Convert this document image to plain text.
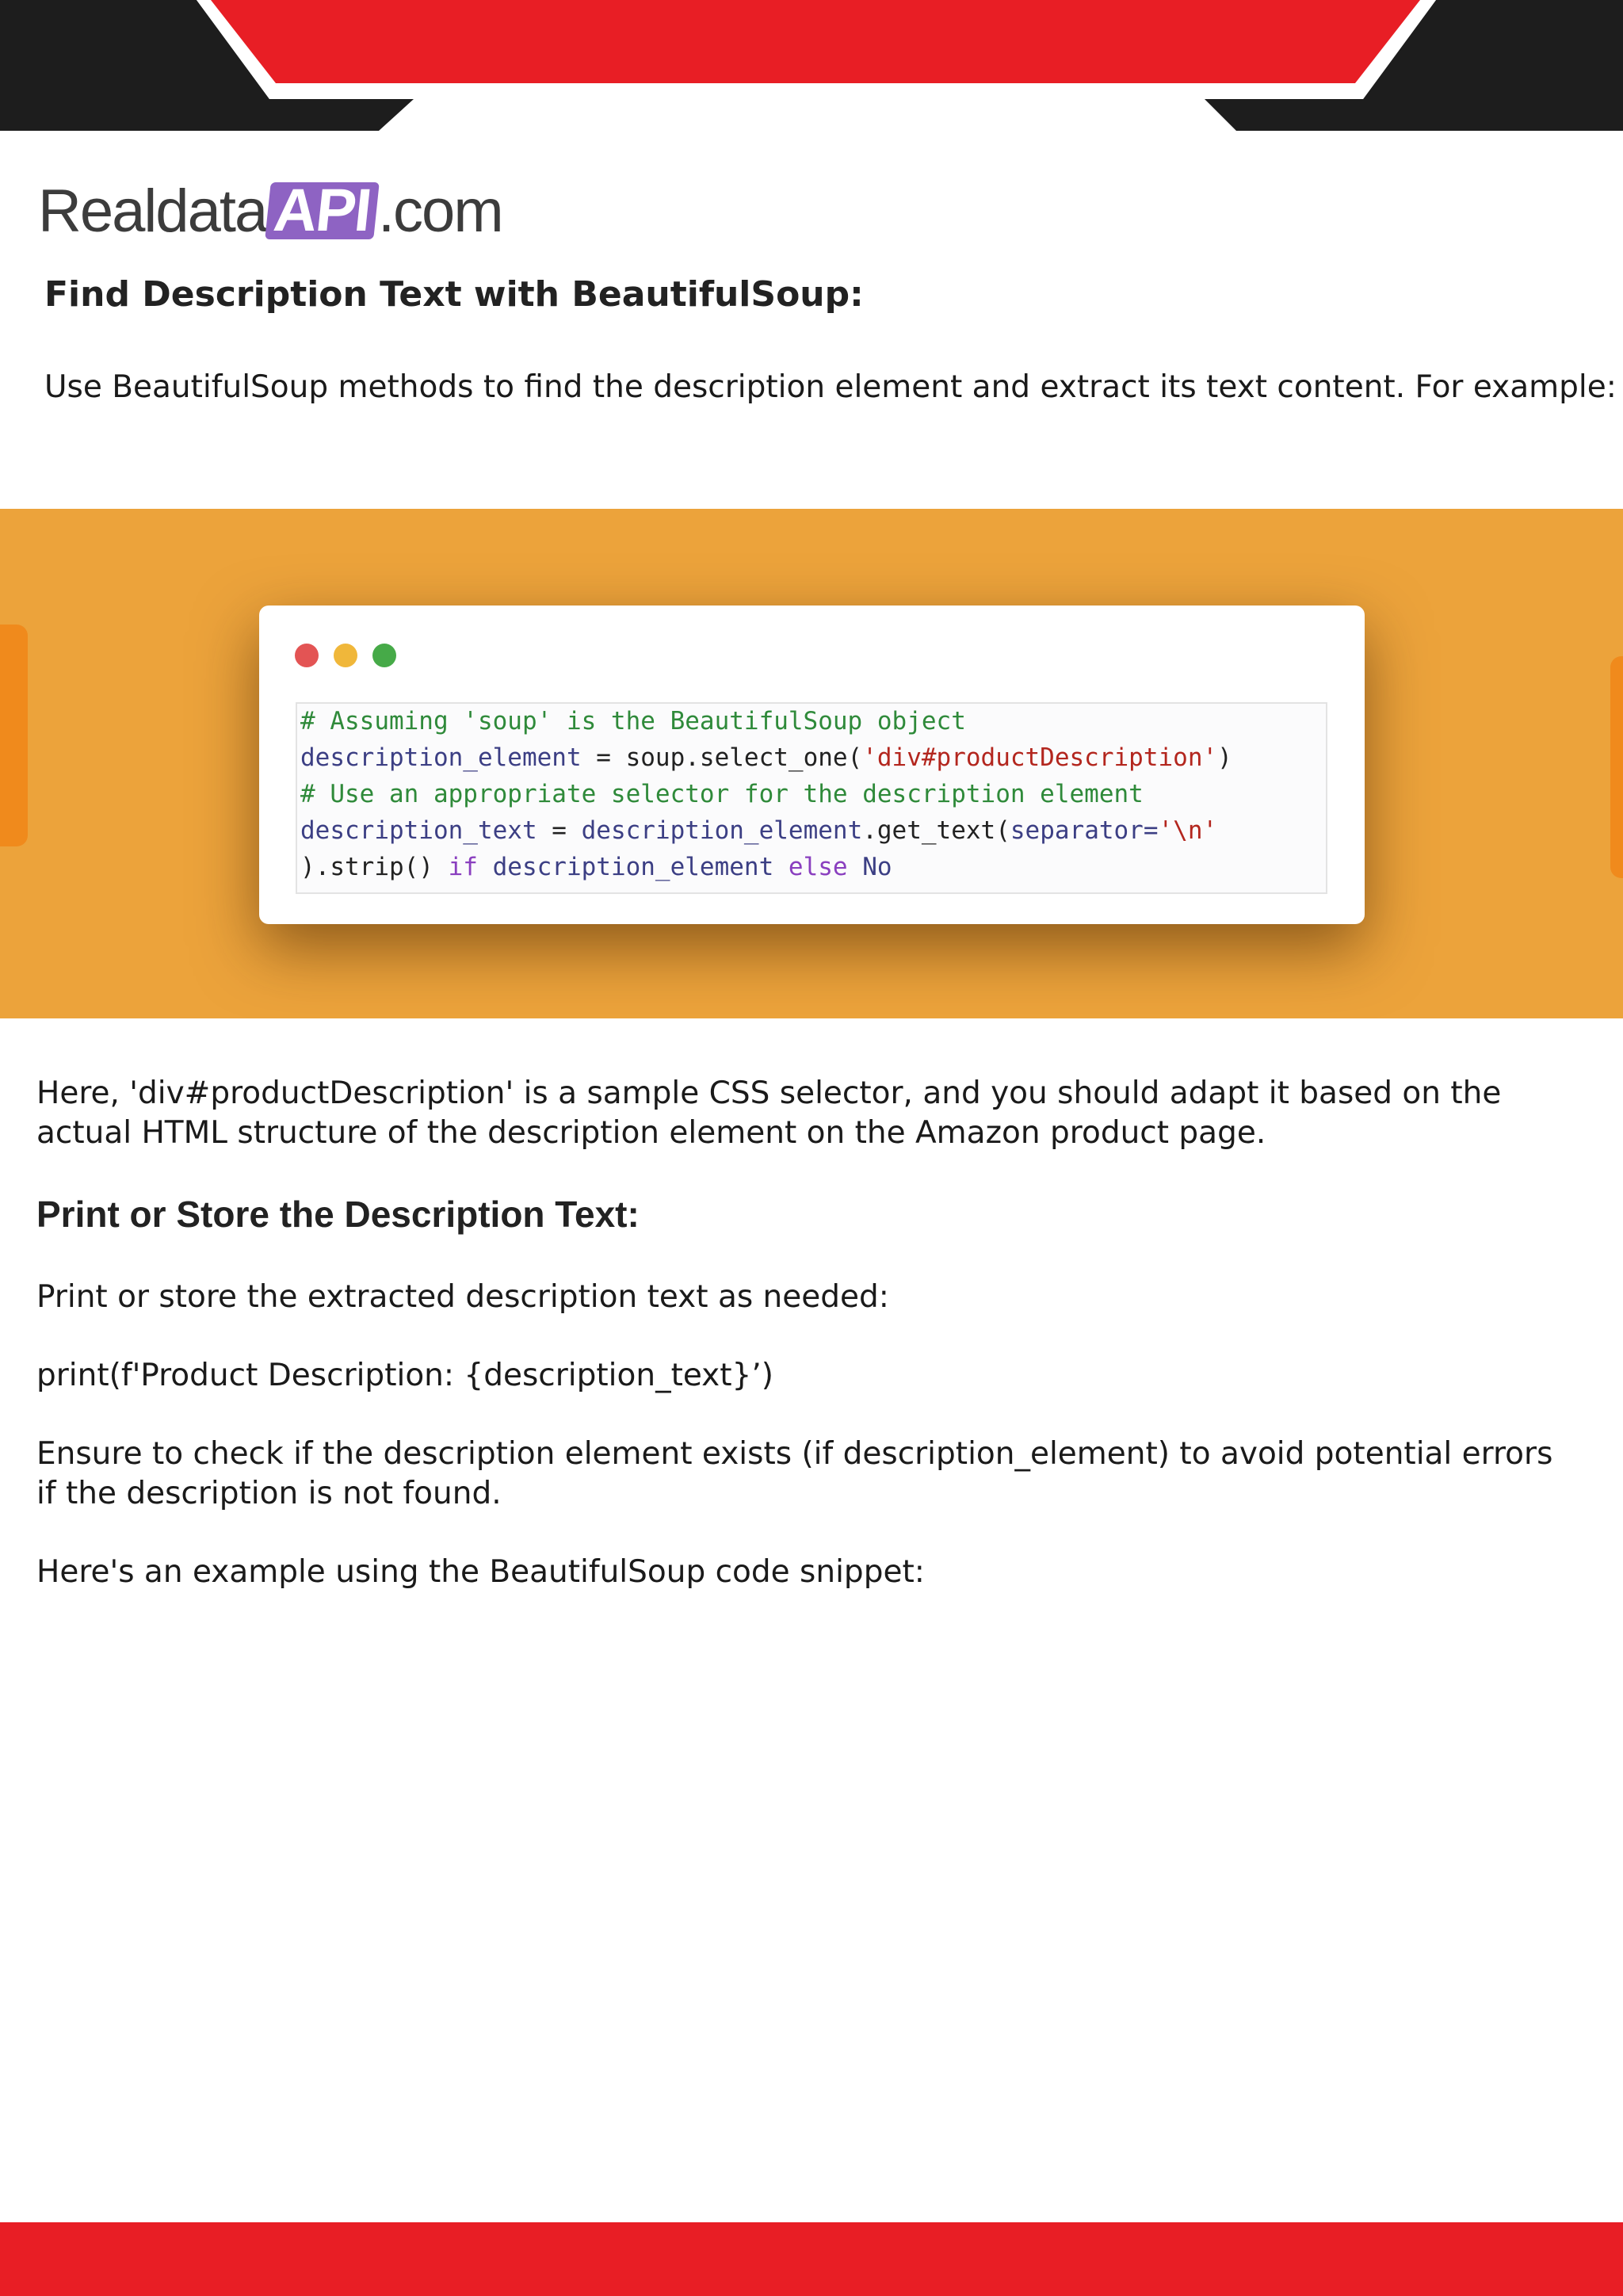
Realdata API .com
Find Description Text with BeautifulSoup:

Use BeautifulSoup methods to find the description element and extract its text content. For example:

# Assuming 'soup' is the BeautifulSoup object
description_element = soup.select_one('div#productDescription')
# Use an appropriate selector for the description element
description_text = description_element.get_text(separator='\n'
).strip() if description_element else No

Here, 'div#productDescription' is a sample CSS selector, and you should adapt it based on the actual HTML structure of the description element on the Amazon product page.

Print or Store the Description Text:

Print or store the extracted description text as needed:

print(f'Product Description: {description_text}’)

Ensure to check if the description element exists (if description_element) to avoid potential errors if the description is not found.

Here's an example using the BeautifulSoup code snippet:
